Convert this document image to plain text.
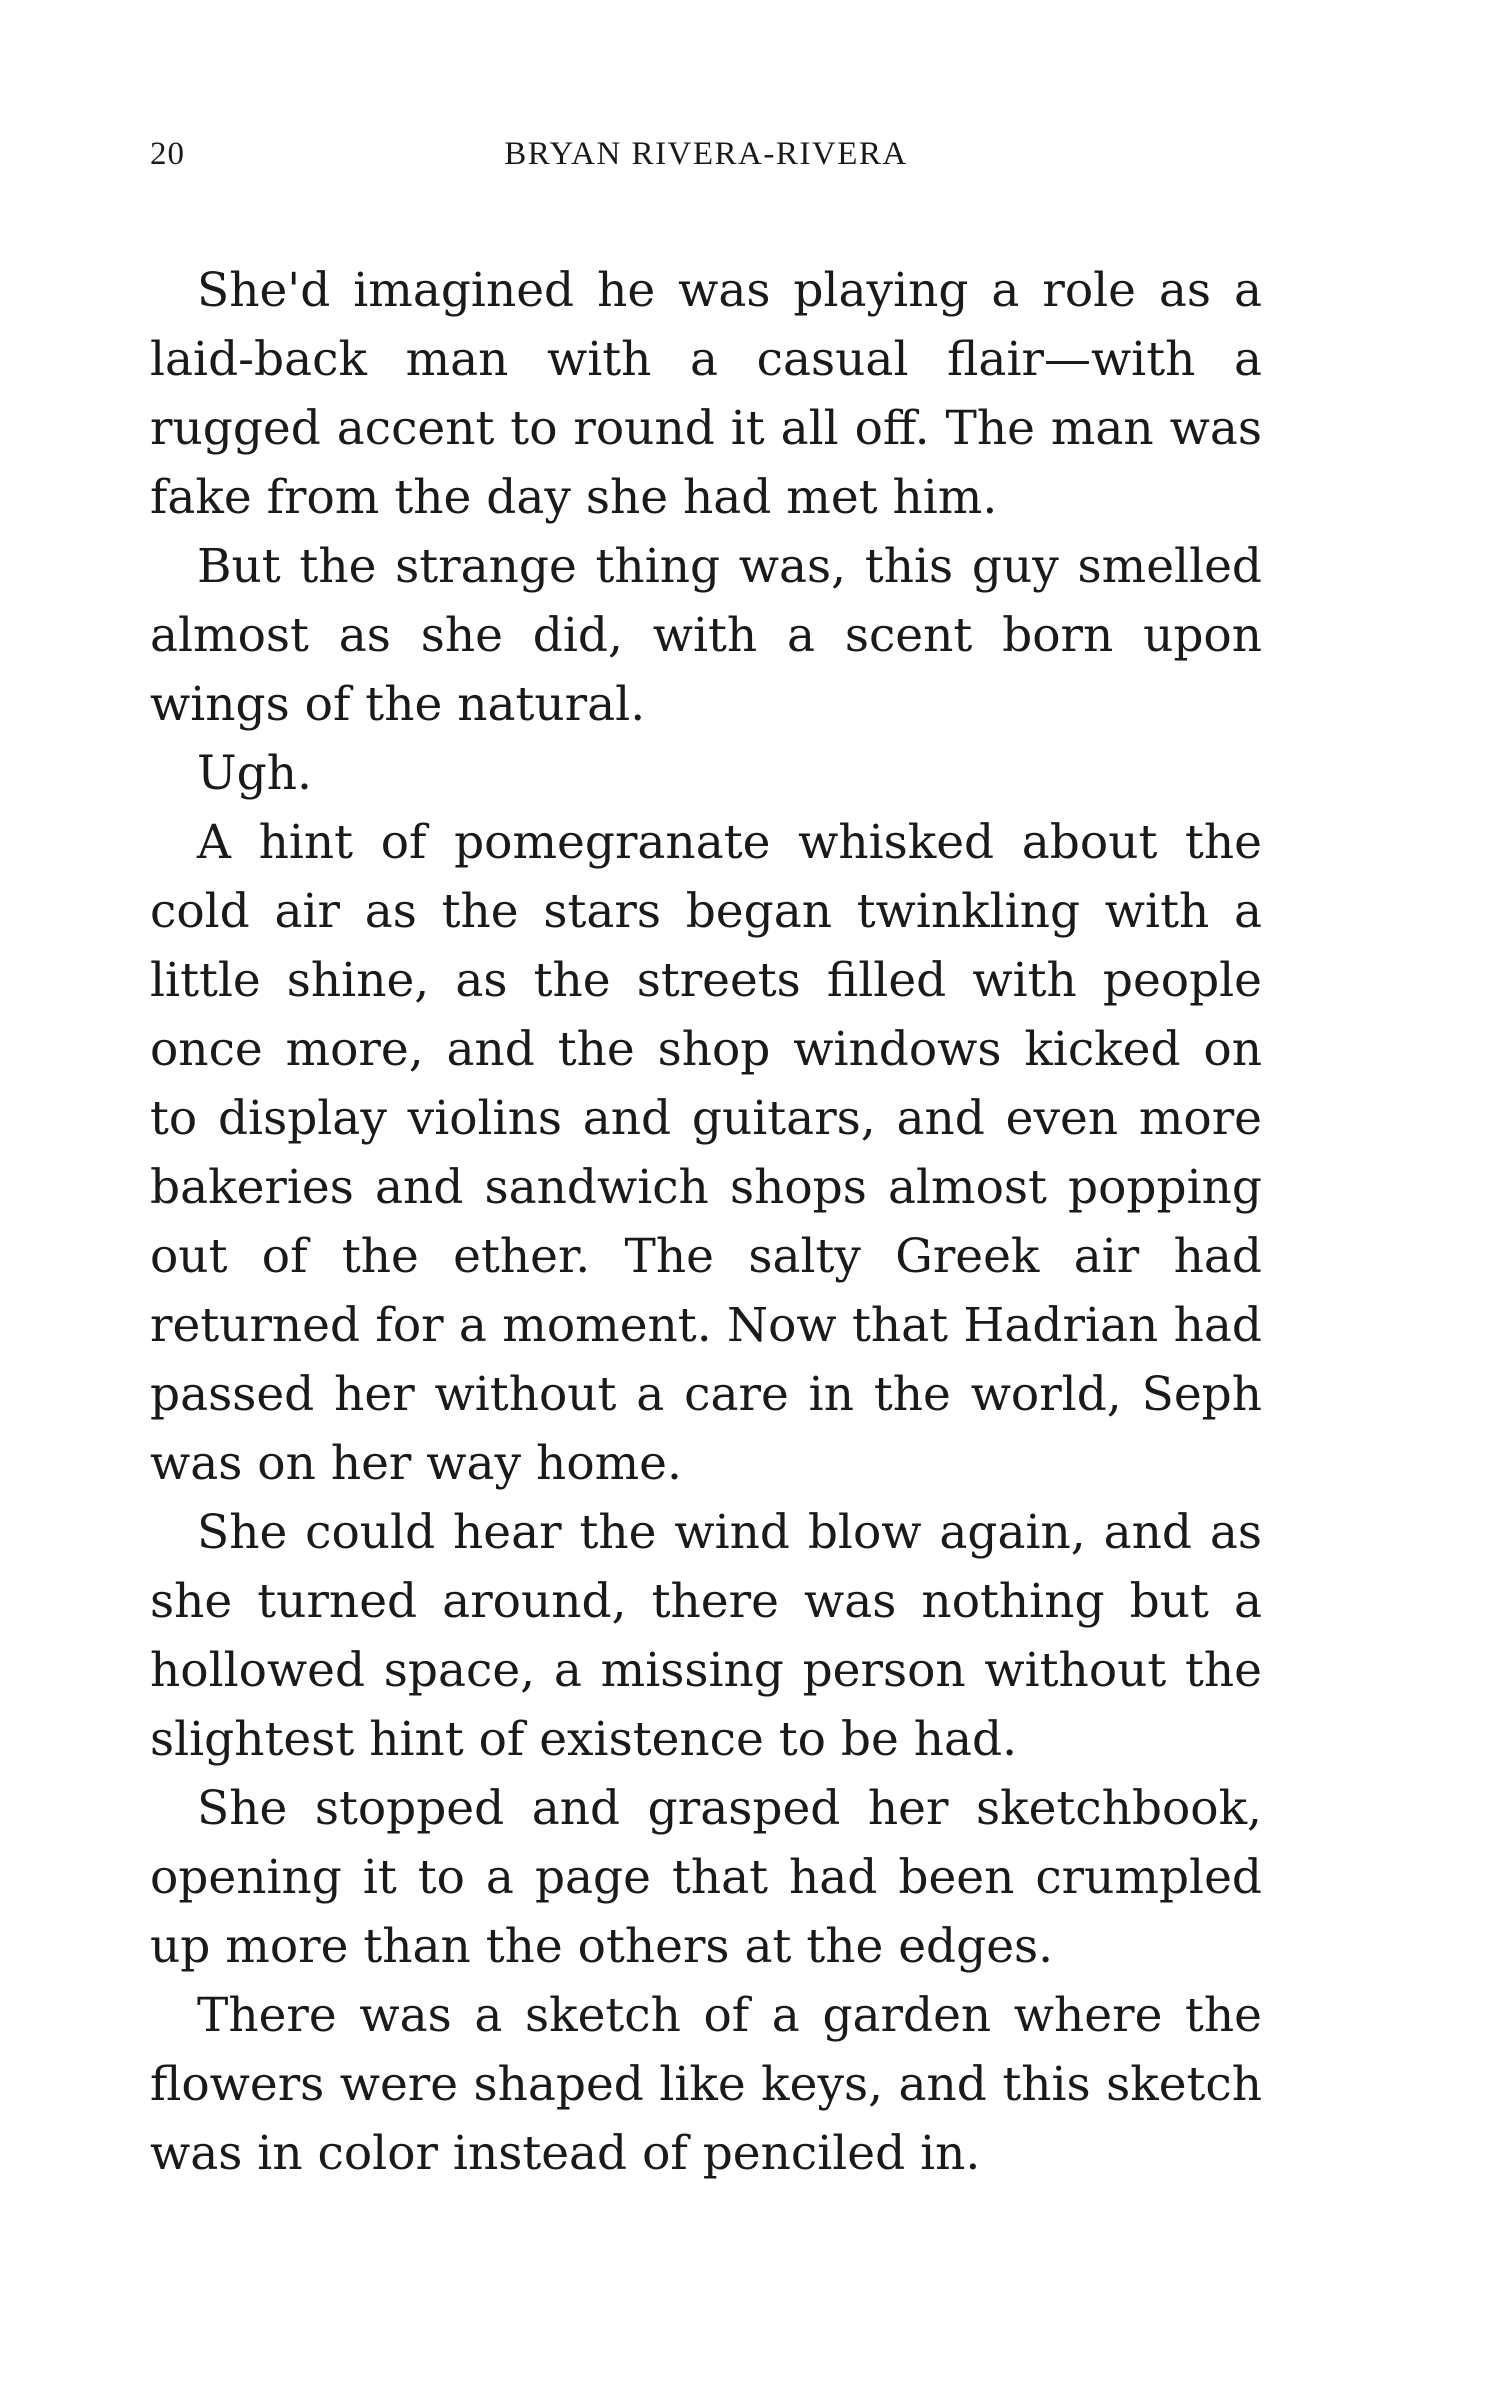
20	BRYAN RIVERA-RIVERA

She'd imagined he was playing a role as a laid-back man with a casual flair—with a rugged accent to round it all off. The man was fake from the day she had met him.

But the strange thing was, this guy smelled almost as she did, with a scent born upon wings of the natural.

Ugh.

A hint of pomegranate whisked about the cold air as the stars began twinkling with a little shine, as the streets filled with people once more, and the shop windows kicked on to display violins and guitars, and even more bakeries and sandwich shops almost popping out of the ether. The salty Greek air had returned for a moment. Now that Hadrian had passed her without a care in the world, Seph was on her way home.

She could hear the wind blow again, and as she turned around, there was nothing but a hollowed space, a missing person without the slightest hint of existence to be had.

She stopped and grasped her sketchbook, opening it to a page that had been crumpled up more than the others at the edges.

There was a sketch of a garden where the flowers were shaped like keys, and this sketch was in color instead of penciled in.
